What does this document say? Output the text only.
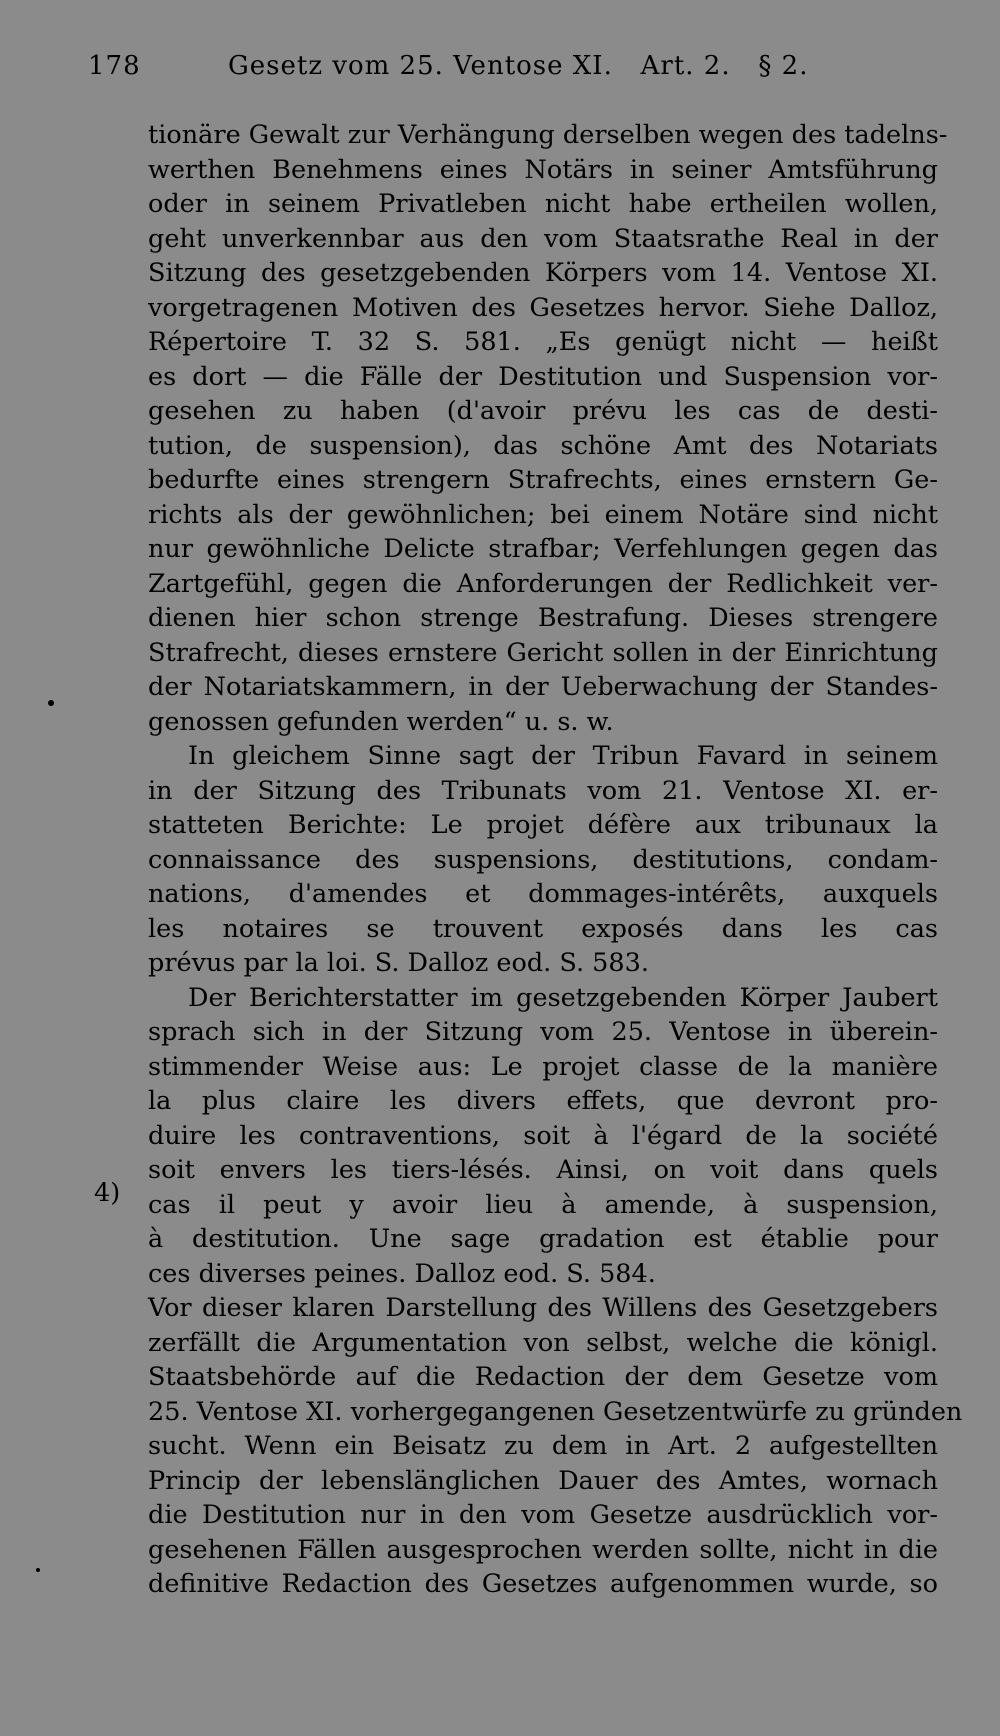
178	Gesetz vom 25. Ventose XI.   Art. 2.   § 2.
4)
tionäre Gewalt zur Verhängung derselben wegen des tadelns-
werthen Benehmens eines Notärs in seiner Amtsführung
oder in seinem Privatleben nicht habe ertheilen wollen,
geht unverkennbar aus den vom Staatsrathe Real in der
Sitzung des gesetzgebenden Körpers vom 14. Ventose XI.
vorgetragenen Motiven des Gesetzes hervor. Siehe Dalloz,
Répertoire T. 32 S. 581. „Es genügt nicht — heißt
es dort — die Fälle der Destitution und Suspension vor-
gesehen zu haben (d'avoir prévu les cas de desti-
tution, de suspension), das schöne Amt des Notariats
bedurfte eines strengern Strafrechts, eines ernstern Ge-
richts als der gewöhnlichen; bei einem Notäre sind nicht
nur gewöhnliche Delicte strafbar; Verfehlungen gegen das
Zartgefühl, gegen die Anforderungen der Redlichkeit ver-
dienen hier schon strenge Bestrafung. Dieses strengere
Strafrecht, dieses ernstere Gericht sollen in der Einrichtung
der Notariatskammern, in der Ueberwachung der Standes-
genossen gefunden werden“ u. s. w.
In gleichem Sinne sagt der Tribun Favard in seinem
in der Sitzung des Tribunats vom 21. Ventose XI. er-
statteten Berichte: Le projet défère aux tribunaux la
connaissance des suspensions, destitutions, condam-
nations, d'amendes et dommages-intérêts, auxquels
les notaires se trouvent exposés dans les cas
prévus par la loi. S. Dalloz eod. S. 583.
Der Berichterstatter im gesetzgebenden Körper Jaubert
sprach sich in der Sitzung vom 25. Ventose in überein-
stimmender Weise aus: Le projet classe de la manière
la plus claire les divers effets, que devront pro-
duire les contraventions, soit à l'égard de la société
soit envers les tiers-lésés. Ainsi, on voit dans quels
cas il peut y avoir lieu à amende, à suspension,
à destitution. Une sage gradation est établie pour
ces diverses peines. Dalloz eod. S. 584.
Vor dieser klaren Darstellung des Willens des Gesetzgebers
zerfällt die Argumentation von selbst, welche die königl.
Staatsbehörde auf die Redaction der dem Gesetze vom
25. Ventose XI. vorhergegangenen Gesetzentwürfe zu gründen
sucht. Wenn ein Beisatz zu dem in Art. 2 aufgestellten
Princip der lebenslänglichen Dauer des Amtes, wornach
die Destitution nur in den vom Gesetze ausdrücklich vor-
gesehenen Fällen ausgesprochen werden sollte, nicht in die
definitive Redaction des Gesetzes aufgenommen wurde, so
